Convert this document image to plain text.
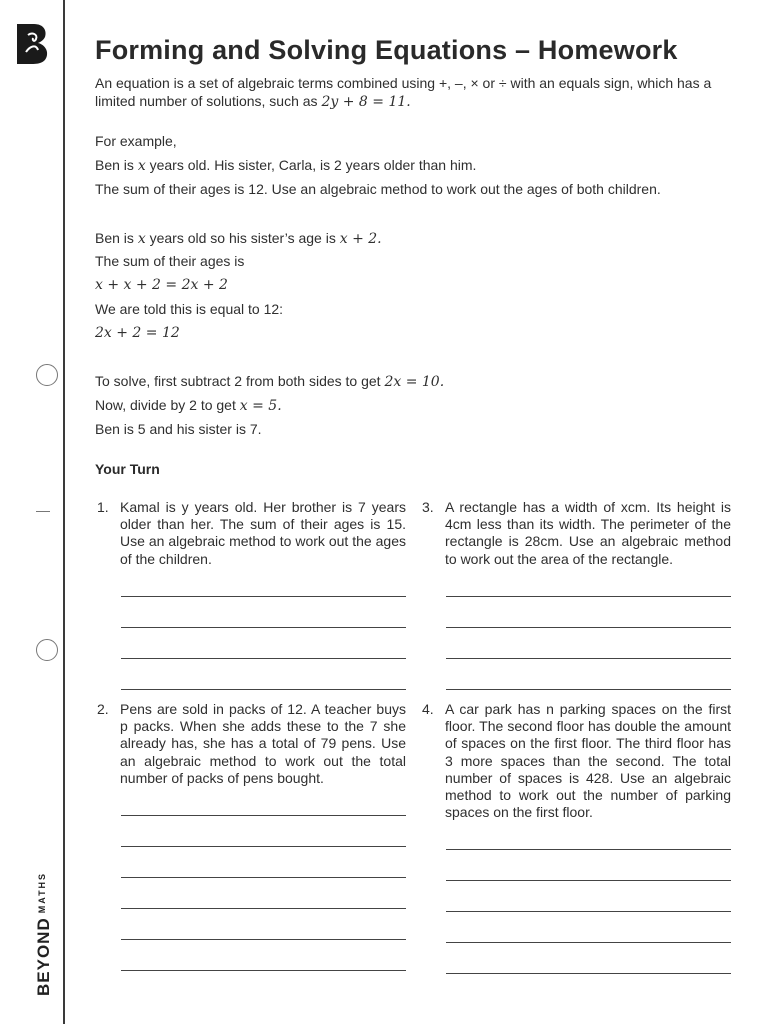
$BEYOND^{MATHS}$
Forming and Solving Equations – Homework

An equation is a set of algebraic terms combined using +, –, × or ÷ with an equals sign, which has a limited number of solutions, such as 2y + 8 = 11.

For example,
Ben is x years old. His sister, Carla, is 2 years older than him.
The sum of their ages is 12. Use an algebraic method to work out the ages of both children.
Ben is x years old so his sister’s age is x + 2.
The sum of their ages is
x + x + 2 = 2x + 2
We are told this is equal to 12:
2x + 2 = 12
To solve, first subtract 2 from both sides to get 2x = 10.
Now, divide by 2 to get x = 5.
Ben is 5 and his sister is 7.
Your Turn
1. Kamal is y years old. Her brother is 7 years older than her. The sum of their ages is 15. Use an algebraic method to work out the ages of the children.
3. A rectangle has a width of xcm. Its height is 4cm less than its width. The perimeter of the rectangle is 28cm. Use an algebraic method to work out the area of the rectangle.
2. Pens are sold in packs of 12. A teacher buys p packs. When she adds these to the 7 she already has, she has a total of 79 pens. Use an algebraic method to work out the total number of packs of pens bought.
4. A car park has n parking spaces on the first floor. The second floor has double the amount of spaces on the first floor. The third floor has 3 more spaces than the second. The total number of spaces is 428. Use an algebraic method to work out the number of parking spaces on the first floor.
